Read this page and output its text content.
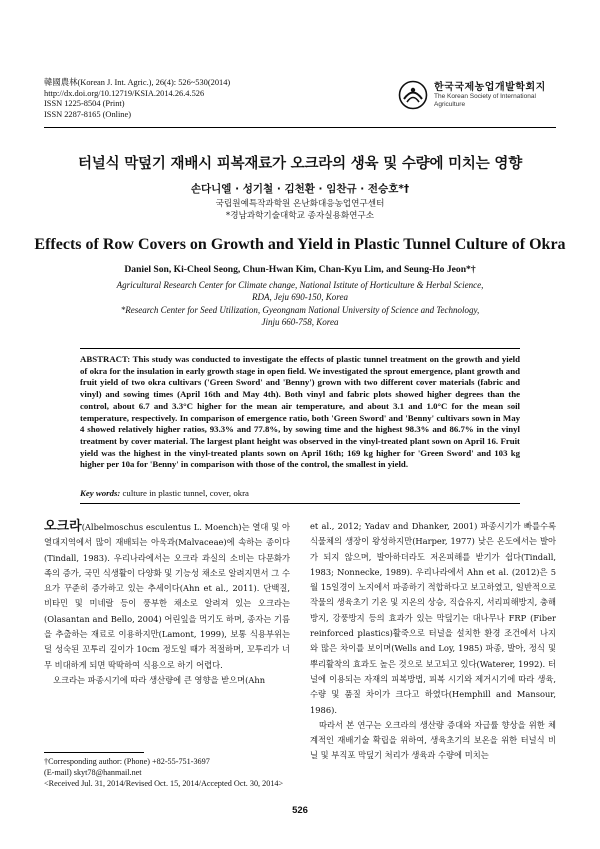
韓國農林(Korean J. Int. Agric.), 26(4): 526~530(2014)
http://dx.doi.org/10.12719/KSIA.2014.26.4.526
ISSN 1225-8504 (Print)
ISSN 2287-8165 (Online)
한국국제농업개발학회지
The Korean Society of International
Agriculture
터널식 막덮기 재배시 피복재료가 오크라의 생육 및 수량에 미치는 영향
손다니엘 · 성기철 · 김천환 · 임찬규 · 전승호*†
국립원예특작과학원 온난화대응농업연구센터
*경남과학기술대학교 종자실용화연구소
Effects of Row Covers on Growth and Yield in Plastic Tunnel Culture of Okra
Daniel Son, Ki-Cheol Seong, Chun-Hwan Kim, Chan-Kyu Lim, and Seung-Ho Jeon*†
Agricultural Research Center for Climate change, National Istitute of Horticulture & Herbal Science,
RDA, Jeju 690-150, Korea
*Research Center for Seed Utilization, Gyeongnam National University of Science and Technology,
Jinju 660-758, Korea
ABSTRACT: This study was conducted to investigate the effects of plastic tunnel treatment on the growth and yield of okra for the insulation in early growth stage in open field. We investigated the sprout emergence, plant growth and fruit yield of two okra cultivars ('Green Sword' and 'Benny') grown with two different cover materials (fabric and vinyl) and sowing times (April 16th and May 4th). Both vinyl and fabric plots showed higher degrees than the control, about 6.7 and 3.3°C higher for the mean air temperature, and about 3.1 and 1.0°C for the mean soil temperature, respectively. In comparison of emergence ratio, both 'Green Sword' and 'Benny' cultivars sown in May 4 showed relatively higher ratios, 93.3% and 77.8%, by sowing time and the highest 98.3% and 86.7% in the vinyl treatment by cover material. The largest plant height was observed in the vinyl-treated plant sown on April 16. Fruit yield was the highest in the vinyl-treated plants sown on April 16th; 169 kg higher for 'Green Sword' and 103 kg higher per 10a for 'Benny' in comparison with those of the control, the smallest in yield.
Key words: culture in plastic tunnel, cover, okra

오크라(Albelmoschus esculentus L. Moench)는 열대 및 아열대지역에서 많이 재배되는 아욱과(Malvaceae)에 속하는 종이다(Tindall, 1983). 우리나라에서는 오크라 과실의 소비는 다문화가족의 증가, 국민 식생활이 다양화 및 기능성 채소로 알려지면서 그 수요가 꾸준히 증가하고 있는 추세이다(Ahn et al., 2011). 단백질, 비타민 및 미네랄 등이 풍부한 채소로 알려져 있는 오크라는(Olasantan and Bello, 2004) 어린잎을 먹기도 하며, 종자는 기름을 추출하는 재료로 이용하지만(Lamont, 1999), 보통 식용부위는 덜 성숙된 꼬투리 길이가 10cm 정도일 때가 적절하며, 꼬투리가 너무 비대하게 되면 딱딱하여 식용으로 하기 어렵다.

오크라는 파종시기에 따라 생산량에 큰 영향을 받으며(Ahn

et al., 2012; Yadav and Dhanker, 2001) 파종시기가 빠를수록 식물체의 생장이 왕성하지만(Harper, 1977) 낮은 온도에서는 발아가 되지 않으며, 발아하더라도 저온피해를 받기가 쉽다(Tindall, 1983; Nonnecke, 1989). 우리나라에서 Ahn et al. (2012)은 5월 15일경이 노지에서 파종하기 적합하다고 보고하였고, 일반적으로 작물의 생육초기 기온 및 지온의 상승, 직습유지, 서리피해방지, 충해방지, 강풍방지 등의 효과가 있는 막덮기는 대나무나 FRP (Fiber reinforced plastics)활죽으로 터널을 설치한 환경 조건에서 나지와 많은 차이를 보이며(Wells and Loy, 1985) 파종, 발아, 정식 및 뿌리활착의 효과도 높은 것으로 보고되고 있다(Waterer, 1992). 터널에 이용되는 자재의 피복방법, 피복 시기와 제거시기에 따라 생육, 수량 및 품질 차이가 크다고 하였다(Hemphill and Mansour, 1986).

따라서 본 연구는 오크라의 생산량 증대와 자급률 향상을 위한 체계적인 재배기술 확립을 위하여, 생육초기의 보온을 위한 터널식 비닐 및 부직포 막덮기 처리가 생육과 수량에 미치는

†Corresponding author: (Phone) +82-55-751-3697
(E-mail) skyt78@hanmail.net
<Received Jul. 31, 2014/Revised Oct. 15, 2014/Accepted Oct. 30, 2014>
526
